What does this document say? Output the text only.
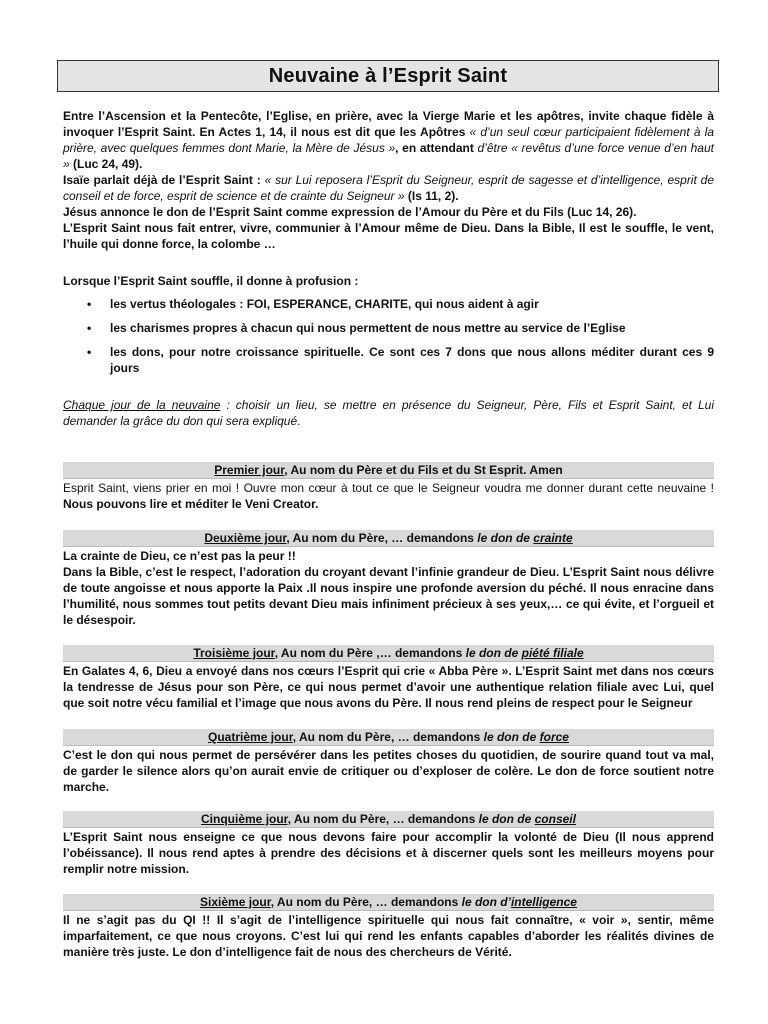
Neuvaine à l’Esprit Saint

Entre l’Ascension et la Pentecôte, l’Eglise, en prière, avec la Vierge Marie et les apôtres, invite chaque fidèle à invoquer l’Esprit Saint. En Actes 1, 14, il nous est dit que les Apôtres « d’un seul cœur participaient fidèlement à la prière, avec quelques femmes dont Marie, la Mère de Jésus », en attendant d’être « revêtus d’une force venue d’en haut » (Luc 24, 49).

Isaïe parlait déjà de l’Esprit Saint : « sur Lui reposera l’Esprit du Seigneur, esprit de sagesse et d’intelligence, esprit de conseil et de force, esprit de science et de crainte du Seigneur » (Is 11, 2).

Jésus annonce le don de l’Esprit Saint comme expression de l’Amour du Père et du Fils (Luc 14, 26).

L’Esprit Saint nous fait entrer, vivre, communier à l’Amour même de Dieu. Dans la Bible, Il est le souffle, le vent, l’huile qui donne force, la colombe …

Lorsque l’Esprit Saint souffle, il donne à profusion :
• les vertus théologales : FOI, ESPERANCE, CHARITE, qui nous aident à agir
• les charismes propres à chacun qui nous permettent de nous mettre au service de l’Eglise
• les dons, pour notre croissance spirituelle. Ce sont ces 7 dons que nous allons méditer durant ces 9 jours
Chaque jour de la neuvaine : choisir un lieu, se mettre en présence du Seigneur, Père, Fils et Esprit Saint, et Lui demander la grâce du don qui sera expliqué.
Premier jour, Au nom du Père et du Fils et du St Esprit. Amen
Esprit Saint, viens prier en moi ! Ouvre mon cœur à tout ce que le Seigneur voudra me donner durant cette neuvaine ! Nous pouvons lire et méditer le Veni Creator.
Deuxième jour, Au nom du Père, … demandons le don de crainte

La crainte de Dieu, ce n’est pas la peur !!

Dans la Bible, c’est le respect, l’adoration du croyant devant l’infinie grandeur de Dieu. L’Esprit Saint nous délivre de toute angoisse et nous apporte la Paix .Il nous inspire une profonde aversion du péché. Il nous enracine dans l’humilité, nous sommes tout petits devant Dieu mais infiniment précieux à ses yeux,… ce qui évite, et l’orgueil et le désespoir.

Troisième jour, Au nom du Père ,… demandons le don de piété filiale
En Galates 4, 6, Dieu a envoyé dans nos cœurs l’Esprit qui crie « Abba Père ». L’Esprit Saint met dans nos cœurs la tendresse de Jésus pour son Père, ce qui nous permet d’avoir une authentique relation filiale avec Lui, quel que soit notre vécu familial et l’image que nous avons du Père. Il nous rend pleins de respect pour le Seigneur
Quatrième jour, Au nom du Père, … demandons le don de force
C’est le don qui nous permet de persévérer dans les petites choses du quotidien, de sourire quand tout va mal, de garder le silence alors qu’on aurait envie de critiquer ou d’exploser de colère. Le don de force soutient notre marche.
Cinquième jour, Au nom du Père, … demandons le don de conseil
L’Esprit Saint nous enseigne ce que nous devons faire pour accomplir la volonté de Dieu (Il nous apprend l’obéissance). Il nous rend aptes à prendre des décisions et à discerner quels sont les meilleurs moyens pour remplir notre mission.
Sixième jour, Au nom du Père, … demandons le don d’intelligence
Il ne s’agit pas du QI !! Il s’agit de l’intelligence spirituelle qui nous fait connaître, « voir », sentir, même imparfaitement, ce que nous croyons. C’est lui qui rend les enfants capables d’aborder les réalités divines de manière très juste. Le don d’intelligence fait de nous des chercheurs de Vérité.
